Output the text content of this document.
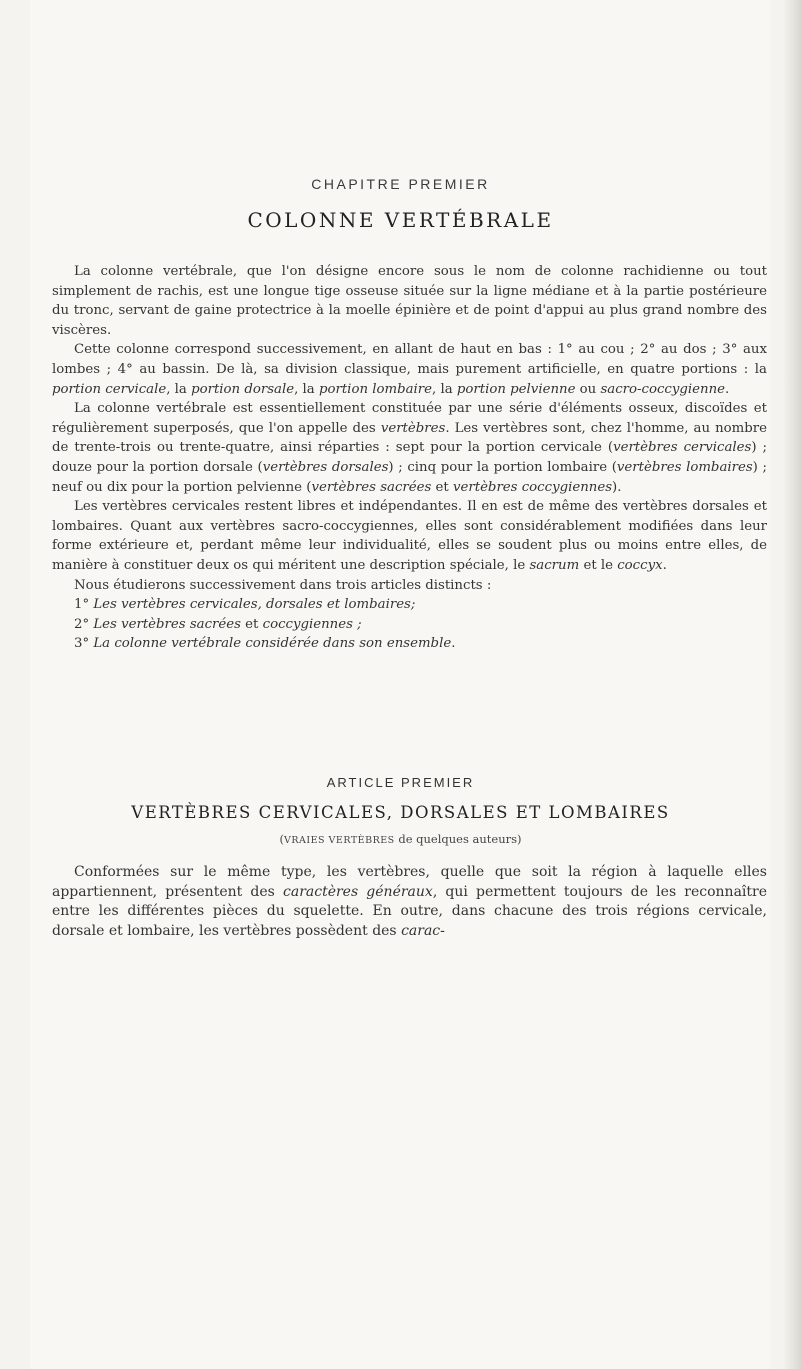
CHAPITRE PREMIER
COLONNE VERTÉBRALE

La colonne vertébrale, que l'on désigne encore sous le nom de colonne rachidienne ou tout simplement de rachis, est une longue tige osseuse située sur la ligne médiane et à la partie postérieure du tronc, servant de gaine protectrice à la moelle épinière et de point d'appui au plus grand nombre des viscères.

Cette colonne correspond successivement, en allant de haut en bas : 1° au cou ; 2° au dos ; 3° aux lombes ; 4° au bassin. De là, sa division classique, mais purement artificielle, en quatre portions : la portion cervicale, la portion dorsale, la portion lombaire, la portion pelvienne ou sacro-coccygienne.

La colonne vertébrale est essentiellement constituée par une série d'éléments osseux, discoïdes et régulièrement superposés, que l'on appelle des vertèbres. Les vertèbres sont, chez l'homme, au nombre de trente-trois ou trente-quatre, ainsi réparties : sept pour la portion cervicale (vertèbres cervicales) ; douze pour la portion dorsale (vertèbres dorsales) ; cinq pour la portion lombaire (vertèbres lombaires) ; neuf ou dix pour la portion pelvienne (vertèbres sacrées et vertèbres coccygiennes).

Les vertèbres cervicales restent libres et indépendantes. Il en est de même des vertèbres dorsales et lombaires. Quant aux vertèbres sacro-coccygiennes, elles sont considérablement modifiées dans leur forme extérieure et, perdant même leur individualité, elles se soudent plus ou moins entre elles, de manière à constituer deux os qui méritent une description spéciale, le sacrum et le coccyx.

Nous étudierons successivement dans trois articles distincts :

1° Les vertèbres cervicales, dorsales et lombaires;

2° Les vertèbres sacrées et coccygiennes ;

3° La colonne vertébrale considérée dans son ensemble.

ARTICLE PREMIER
VERTÈBRES CERVICALES, DORSALES ET LOMBAIRES
(VRAIES VERTÈBRES de quelques auteurs)

Conformées sur le même type, les vertèbres, quelle que soit la région à laquelle elles appartiennent, présentent des caractères généraux, qui permettent toujours de les reconnaître entre les différentes pièces du squelette. En outre, dans chacune des trois régions cervicale, dorsale et lombaire, les vertèbres possèdent des carac-
